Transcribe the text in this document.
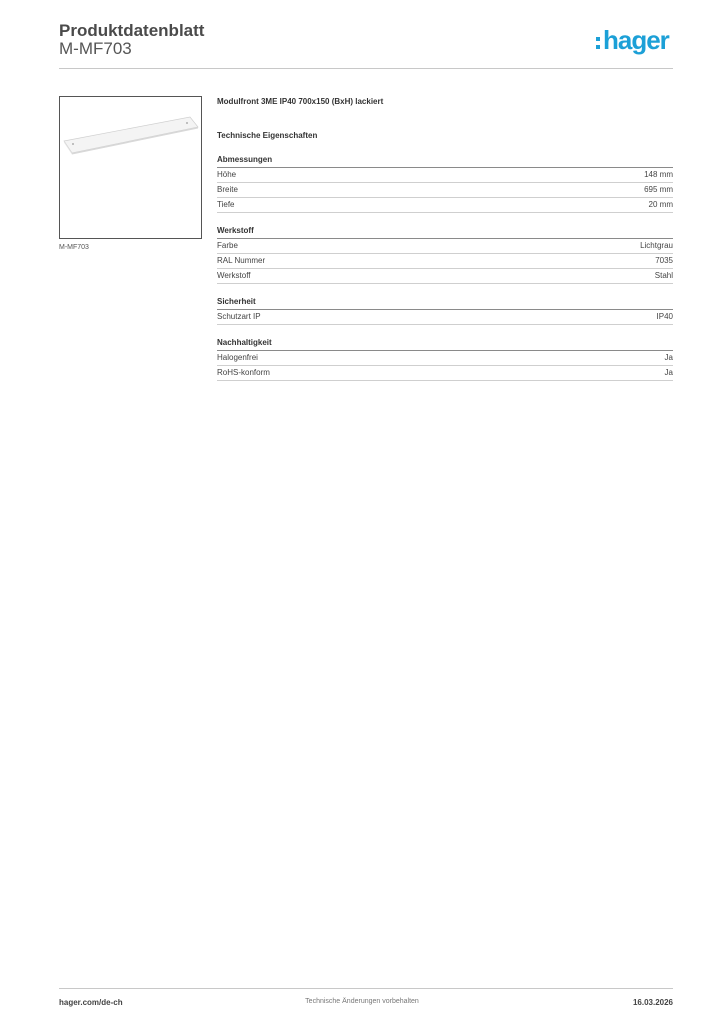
Produktdatenblatt
M-MF703	hager
M-MF703
Modulfront 3ME IP40 700x150 (BxH) lackiert
Technische Eigenschaften
Abmessungen
Höhe	148 mm
Breite	695 mm
Tiefe	20 mm
Werkstoff
Farbe	Lichtgrau
RAL Nummer	7035
Werkstoff	Stahl
Sicherheit
Schutzart IP	IP40
Nachhaltigkeit
Halogenfrei	Ja
RoHS-konform	Ja
hager.com/de-ch	Technische Änderungen vorbehalten	16.03.2026
